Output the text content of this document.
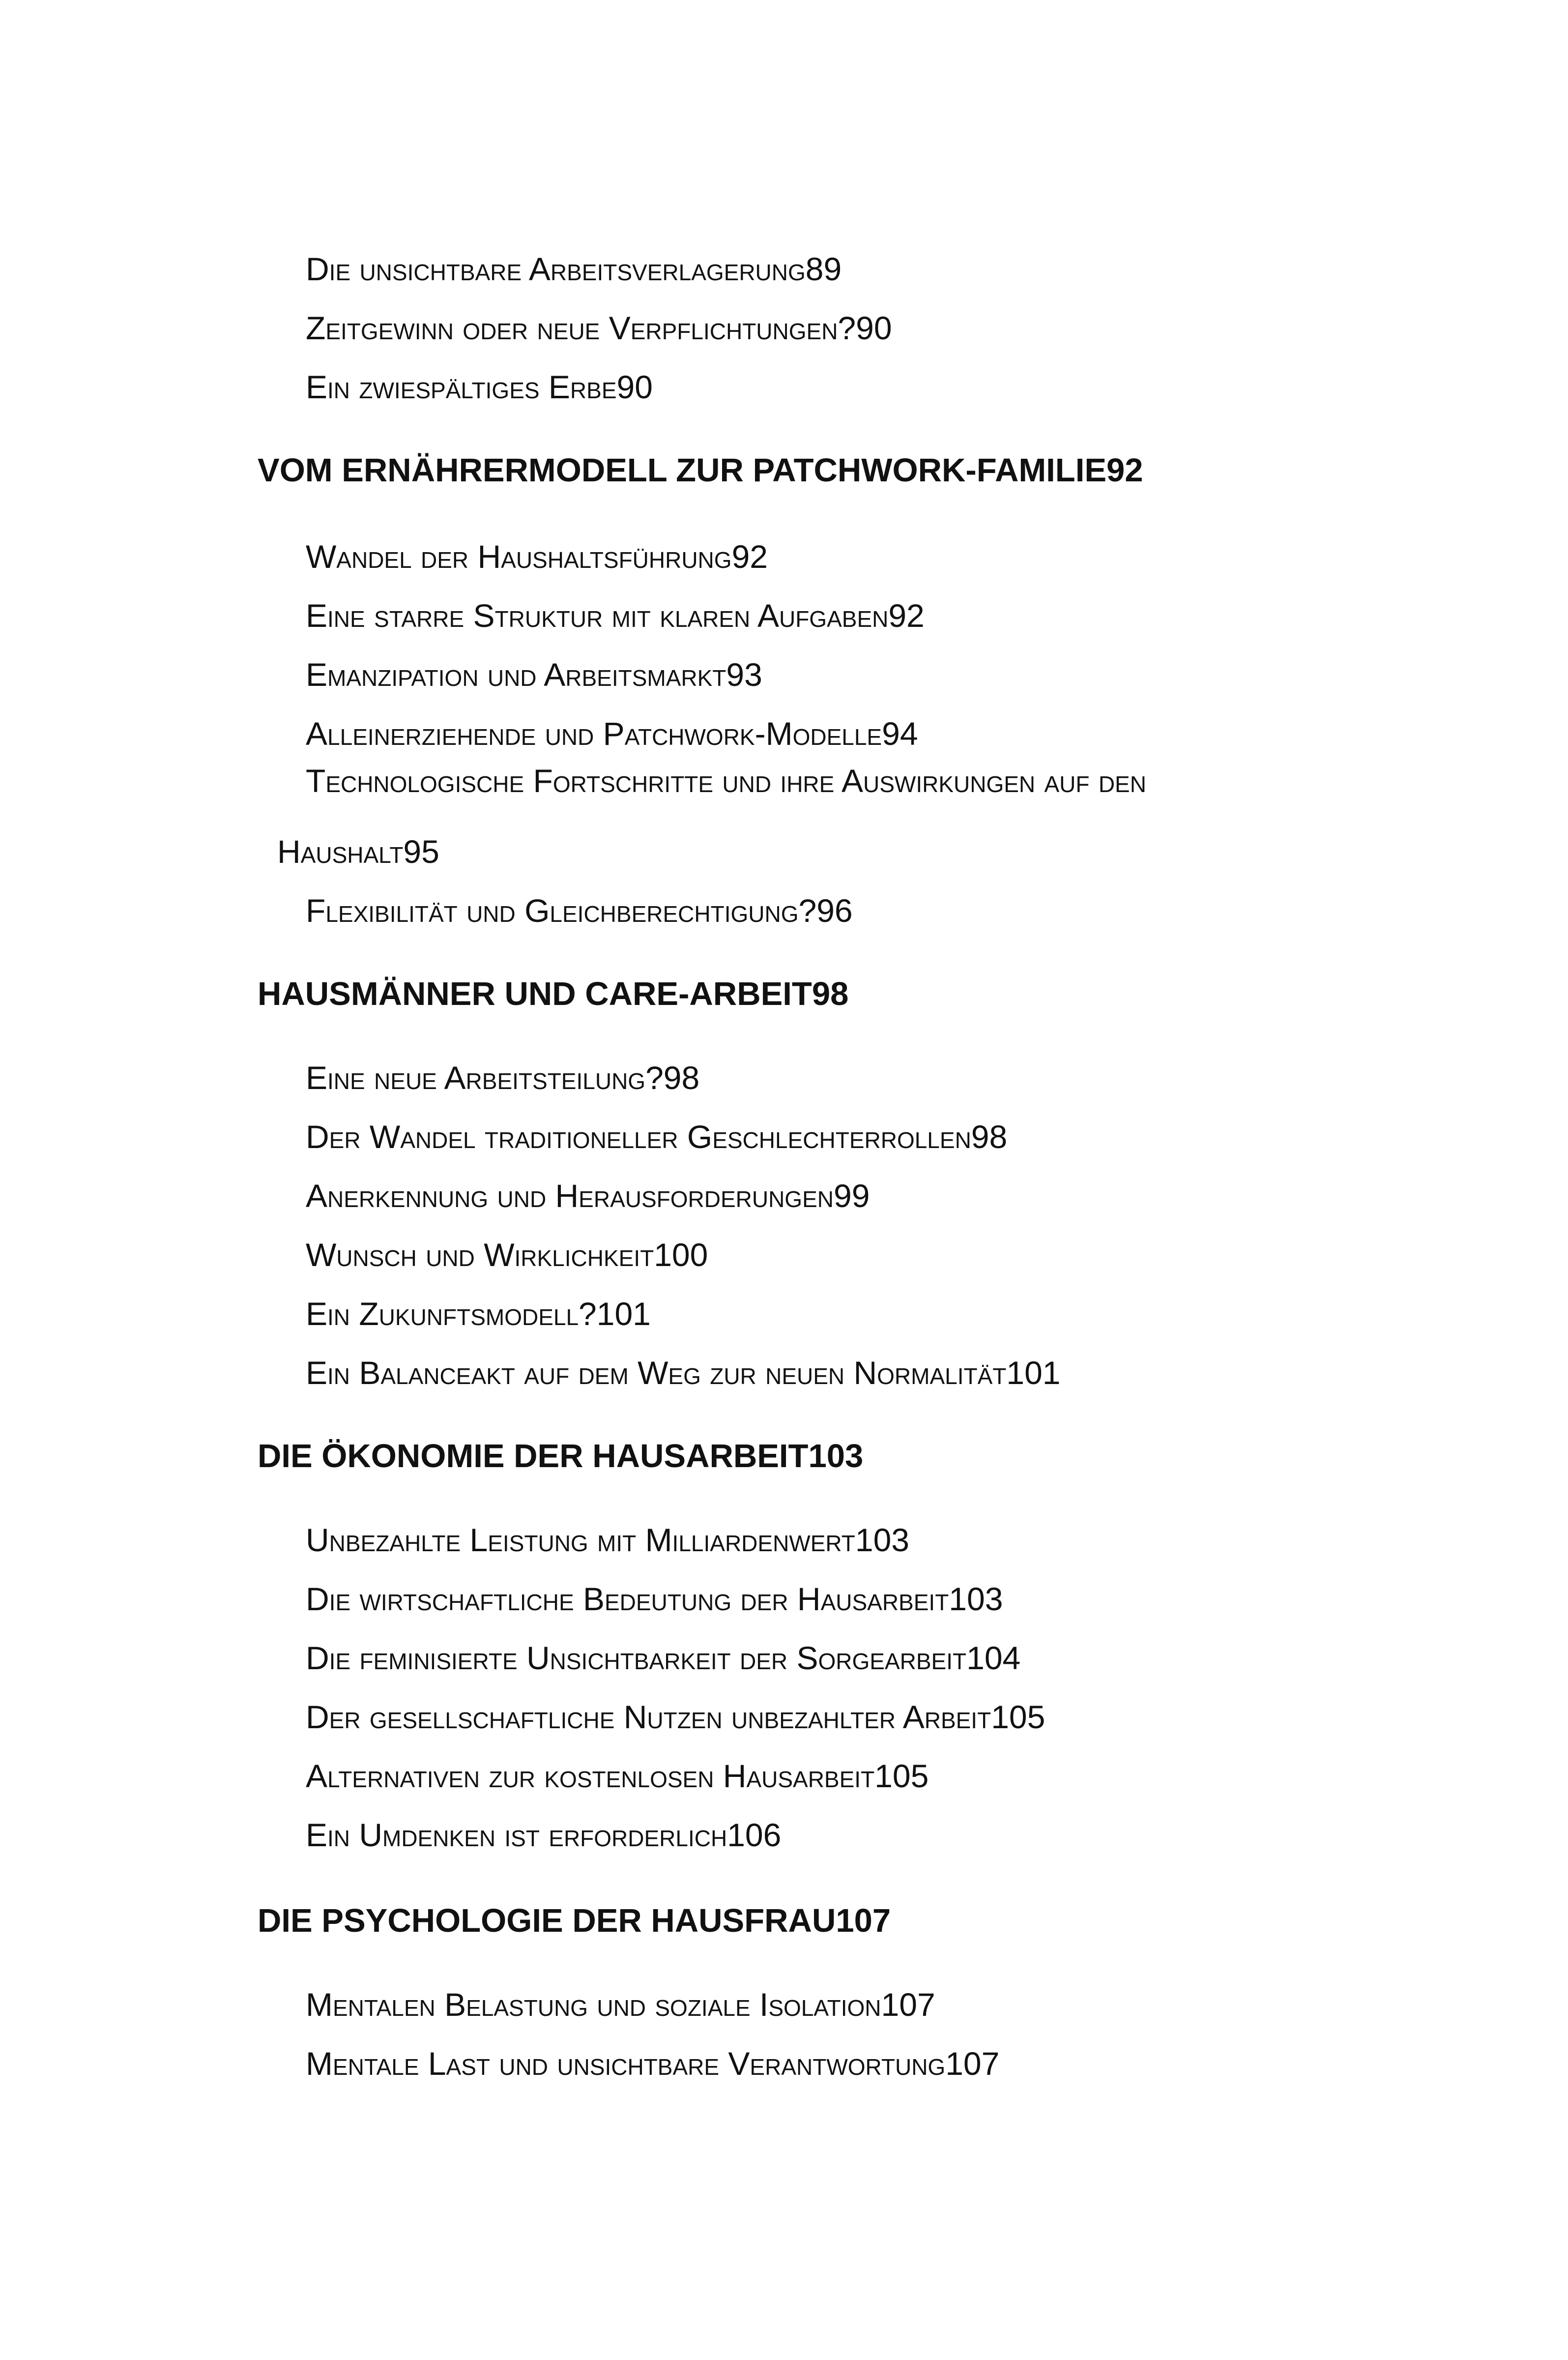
Die unsichtbare Arbeitsverlagerung 89
Zeitgewinn oder neue Verpflichtungen? 90
Ein zwiespältiges Erbe 90
VOM ERNÄHRERMODELL ZUR PATCHWORK-FAMILIE 92
Wandel der Haushaltsführung 92
Eine starre Struktur mit klaren Aufgaben 92
Emanzipation und Arbeitsmarkt 93
Alleinerziehende und Patchwork-Modelle 94
Technologische Fortschritte und ihre Auswirkungen auf den
Haushalt 95
Flexibilität und Gleichberechtigung? 96
HAUSMÄNNER UND CARE-ARBEIT 98
Eine neue Arbeitsteilung? 98
Der Wandel traditioneller Geschlechterrollen 98
Anerkennung und Herausforderungen 99
Wunsch und Wirklichkeit 100
Ein Zukunftsmodell? 101
Ein Balanceakt auf dem Weg zur neuen Normalität 101
DIE ÖKONOMIE DER HAUSARBEIT 103
Unbezahlte Leistung mit Milliardenwert 103
Die wirtschaftliche Bedeutung der Hausarbeit 103
Die feminisierte Unsichtbarkeit der Sorgearbeit 104
Der gesellschaftliche Nutzen unbezahlter Arbeit 105
Alternativen zur kostenlosen Hausarbeit 105
Ein Umdenken ist erforderlich 106
DIE PSYCHOLOGIE DER HAUSFRAU 107
Mentalen Belastung und soziale Isolation 107
Mentale Last und unsichtbare Verantwortung 107
